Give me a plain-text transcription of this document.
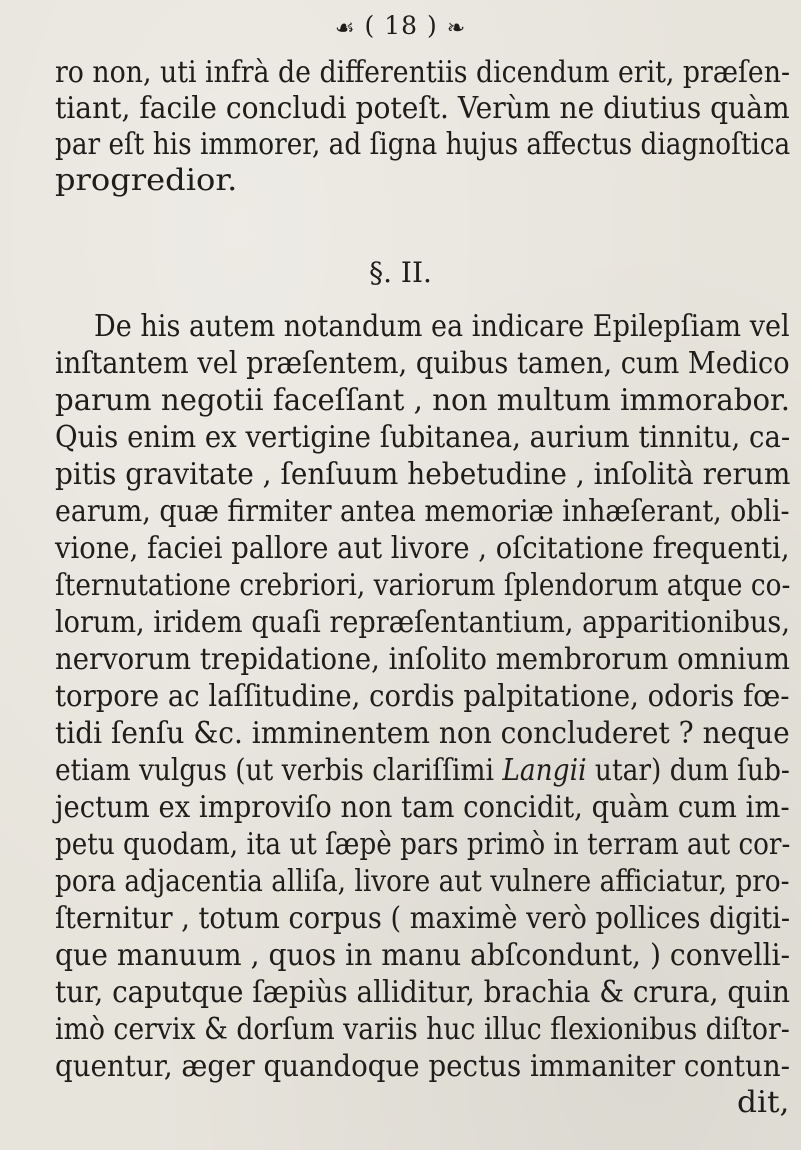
☙ ( 18 ) ❧
ro non, uti infrà de differentiis dicendum erit, præſen-
tiant, facile concludi poteſt. Verùm ne diutius quàm
par eſt his immorer, ad ſigna hujus affectus diagnoſtica
progredior.
De his autem notandum ea indicare Epilepſiam vel
inſtantem vel præſentem, quibus tamen, cum Medico
parum negotii faceſſant , non multum immorabor.
Quis enim ex vertigine ſubitanea, aurium tinnitu, ca-
pitis gravitate , ſenſuum hebetudine , inſolità rerum
earum, quæ firmiter antea memoriæ inhæſerant, obli-
vione, faciei pallore aut livore , oſcitatione frequenti,
ſternutatione crebriori, variorum ſplendorum atque co-
lorum, iridem quaſi repræſentantium, apparitionibus,
nervorum trepidatione, inſolito membrorum omnium
torpore ac laſſitudine, cordis palpitatione, odoris fœ-
tidi ſenſu &c. imminentem non concluderet ? neque
etiam vulgus (ut verbis clariſſimi Langii utar) dum ſub-
jectum ex improviſo non tam concidit, quàm cum im-
petu quodam, ita ut ſæpè pars primò in terram aut cor-
pora adjacentia alliſa, livore aut vulnere afficiatur, pro-
ſternitur , totum corpus ( maximè verò pollices digiti-
que manuum , quos in manu abſcondunt, ) convelli-
tur, caputque ſæpiùs alliditur, brachia & crura, quin
imò cervix & dorſum variis huc illuc flexionibus diſtor-
quentur, æger quandoque pectus immaniter contun-
dit,
§. II.
